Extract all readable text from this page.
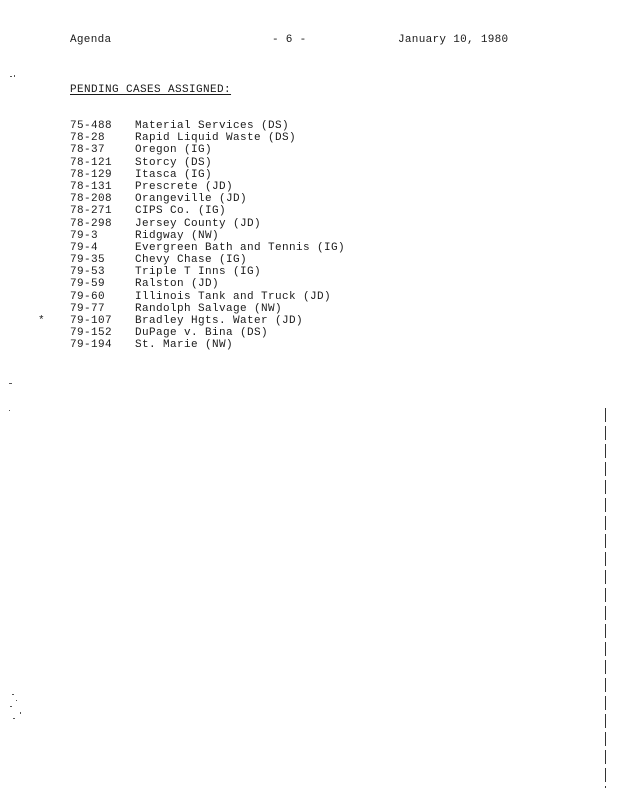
Agenda	- 6 -	January 10, 1980
PENDING CASES ASSIGNED:
75-488 Material Services (DS)
78-28	Rapid Liquid Waste (DS)
78-37	Oregon (IG)
78-121 Storcy (DS)
78-129 Itasca (IG)
78-131 Prescrete (JD)
78-208 Orangeville (JD)
78-271 CIPS Co. (IG)
78-298 Jersey County (JD)
79-3	Ridgway (NW)
79-4	Evergreen Bath and Tennis (IG)
79-35	Chevy Chase (IG)
79-53	Triple T Inns (IG)
79-59	Ralston (JD)
79-60	Illinois Tank and Truck (JD)
79-77	Randolph Salvage (NW)
* 79-107 Bradley Hgts. Water (JD)
79-152 DuPage v. Bina (DS)
79-194 St. Marie (NW)
